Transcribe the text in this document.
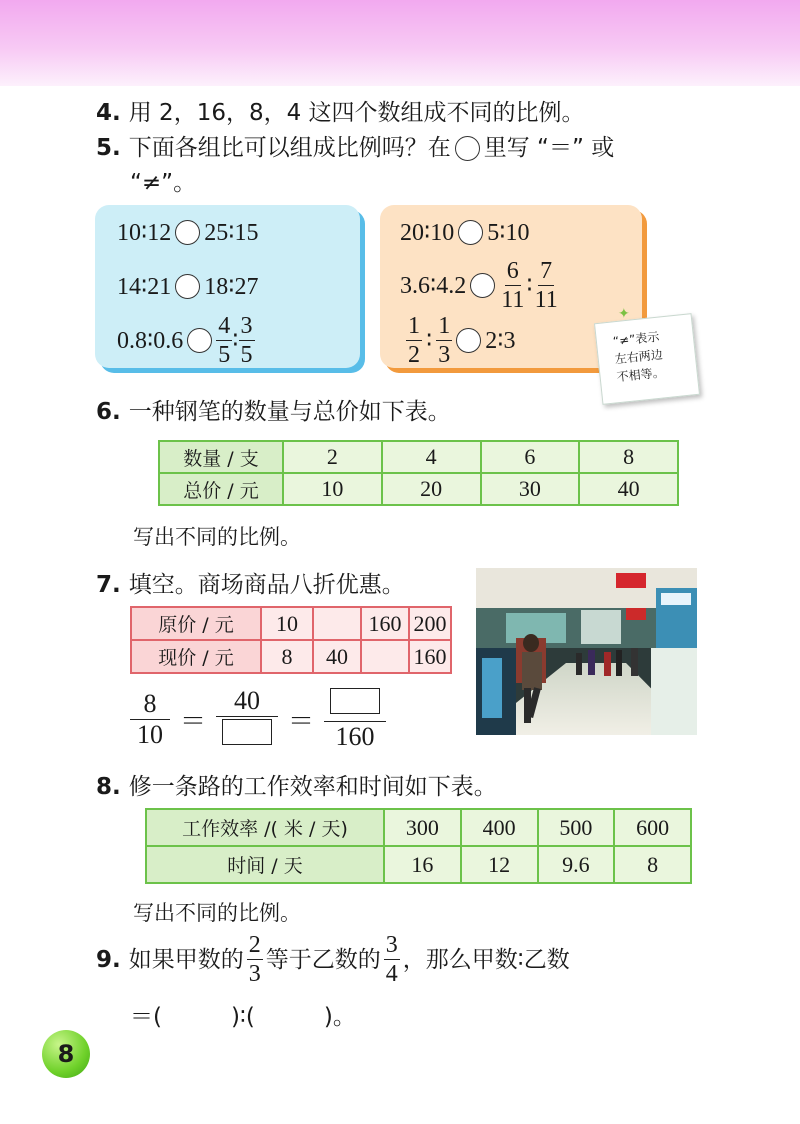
4. 用 2，16，8，4 这四个数组成不同的比例。
5. 下面各组比可以组成比例吗？在 里写 “＝” 或
“≠”。
10∶12 25∶15
14∶21 18∶27
0.8∶0.6 $\frac{4}{5}$ ∶ $\frac{3}{5}$
20∶10 5∶10
3.6∶4.2 $\frac{6}{11}$ ∶ $\frac{7}{11}$
$\frac{1}{2}$ ∶ $\frac{1}{3}$ 2∶3	“≠”表示
左右两边
不相等。
✦
6. 一种钢笔的数量与总价如下表。
数量 / 支	2	4	6	8
总价 / 元	10	20	30	40
写出不同的比例。
7. 填空。商场商品八折优惠。
原价 / 元	10		160	200
现价 / 元	8	40		160
$\frac{8}{10}$ ＝
40
＝
160
8. 修一条路的工作效率和时间如下表。
工作效率 /( 米 / 天)	300	400	500	600
时间 / 天	16	12	9.6	8
写出不同的比例。
9. 如果甲数的 $\frac{2}{3}$ 等于乙数的 $\frac{3}{4}$ ，那么甲数∶乙数
＝(　　　)∶(　　　)。
8
